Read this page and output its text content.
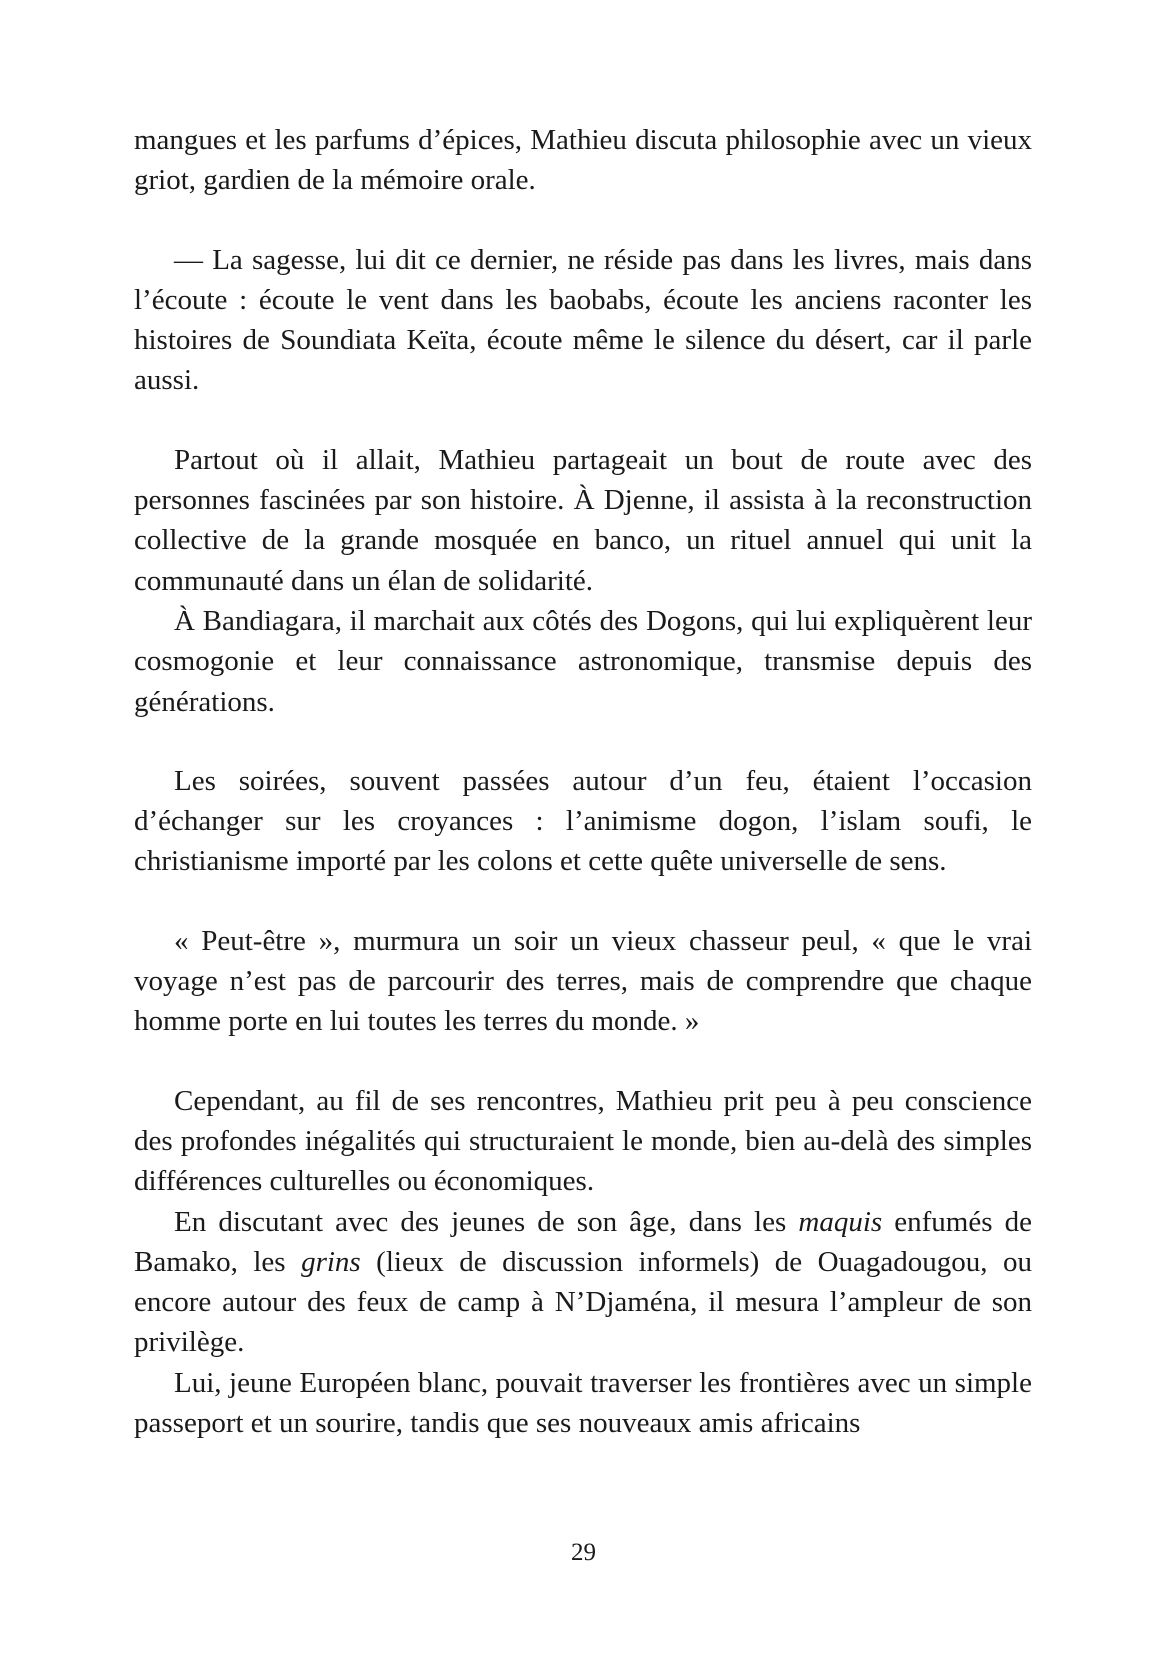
mangues et les parfums d’épices, Mathieu discuta philosophie avec un vieux griot, gardien de la mémoire orale.

— La sagesse, lui dit ce dernier, ne réside pas dans les livres, mais dans l’écoute : écoute le vent dans les baobabs, écoute les anciens raconter les histoires de Soundiata Keïta, écoute même le silence du désert, car il parle aussi.

Partout où il allait, Mathieu partageait un bout de route avec des personnes fascinées par son histoire. À Djenne, il assista à la reconstruction collective de la grande mosquée en banco, un rituel annuel qui unit la communauté dans un élan de solidarité.

À Bandiagara, il marchait aux côtés des Dogons, qui lui expliquèrent leur cosmogonie et leur connaissance astronomique, transmise depuis des générations.

Les soirées, souvent passées autour d’un feu, étaient l’occasion d’échanger sur les croyances : l’animisme dogon, l’islam soufi, le christianisme importé par les colons et cette quête universelle de sens.

« Peut-être », murmura un soir un vieux chasseur peul, « que le vrai voyage n’est pas de parcourir des terres, mais de comprendre que chaque homme porte en lui toutes les terres du monde. »

Cependant, au fil de ses rencontres, Mathieu prit peu à peu conscience des profondes inégalités qui structuraient le monde, bien au-delà des simples différences culturelles ou économiques.

En discutant avec des jeunes de son âge, dans les maquis enfumés de Bamako, les grins (lieux de discussion informels) de Ouagadougou, ou encore autour des feux de camp à N’Djaména, il mesura l’ampleur de son privilège.

Lui, jeune Européen blanc, pouvait traverser les frontières avec un simple passeport et un sourire, tandis que ses nouveaux amis africains

29
